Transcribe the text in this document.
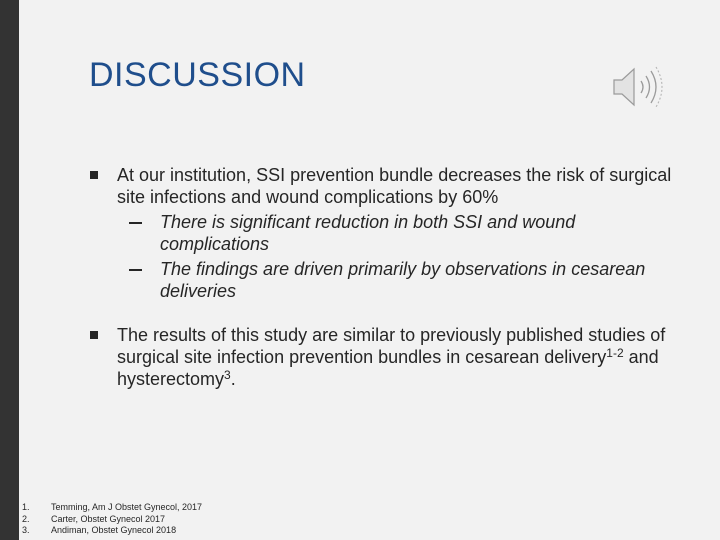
DISCUSSION
At our institution, SSI prevention bundle decreases the risk of surgical site infections and wound complications by 60%
There is significant reduction in both SSI and wound complications
The findings are driven primarily by observations in cesarean deliveries
The results of this study are similar to previously published studies of surgical site infection prevention bundles in cesarean delivery$^{1-2}$ and hysterectomy$^3$.
1. Temming, Am J Obstet Gynecol, 2017
2. Carter, Obstet Gynecol 2017
3. Andiman, Obstet Gynecol 2018
